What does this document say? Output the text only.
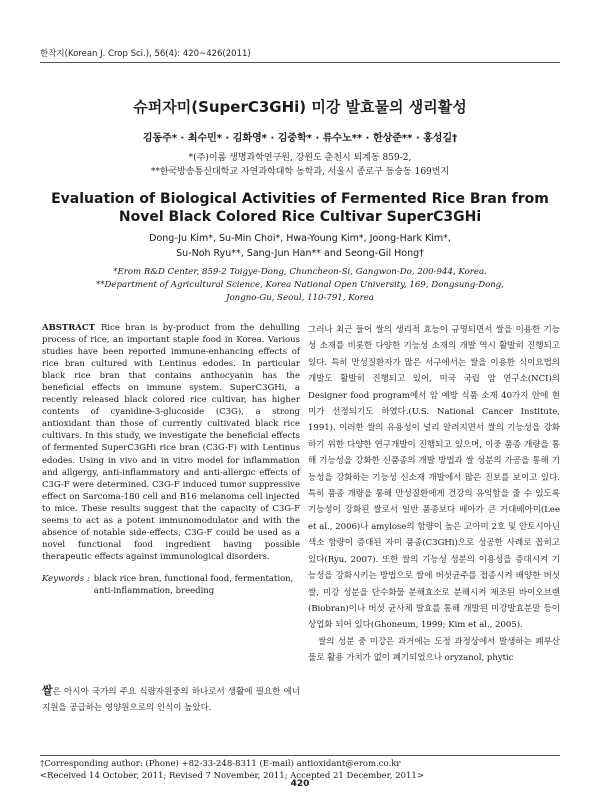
한작지(Korean J. Crop Sci.), 56(4): 420~426(2011)
슈퍼자미(SuperC3GHi) 미강 발효물의 생리활성
김동주* · 최수민* · 김화영* · 김중학* · 류수노** · 한상준** · 홍성길†
*(주)이롬 생명과학연구원, 강원도 춘천시 퇴계동 859-2,
**한국방송통신대학교 자연과학대학 농학과, 서울시 종로구 동숭동 169번지
Evaluation of Biological Activities of Fermented Rice Bran from
Novel Black Colored Rice Cultivar SuperC3GHi
Dong-Ju Kim*, Su-Min Choi*, Hwa-Young Kim*, Joong-Hark Kim*,
Su-Noh Ryu**, Sang-Jun Han** and Seong-Gil Hong†
*Erom R&D Center, 859-2 Toigye-Dong, Chuncheon-Si, Gangwon-Do, 200-944, Korea.
**Department of Agricultural Science, Korea National Open University, 169, Dongsung-Dong,
Jongno-Gu, Seoul, 110-791, Korea

ABSTRACT Rice bran is by-product from the dehulling process of rice, an important staple food in Korea. Various studies have been reported immune-enhancing effects of rice bran cultured with Lentinus edodes. In particular black rice bran that contains anthocyanin has the beneficial effects on immune system. SuperC3GHi, a recently released black colored rice cultivar, has higher contents of cyanidine-3-glucoside (C3G), a strong antioxidant than those of currently cultivated black rice cultivars. In this study, we investigate the beneficial effects of fermented SuperC3GHi rice bran (C3G-F) with Lentinus edodes. Using in vivo and in vitro model for inflammation and allgergy, anti-inflammatory and anti-allergic effects of C3G-F were determined. C3G-F induced tumor suppressive effect on Sarcoma-180 cell and B16 melanoma cell injected to mice. These results suggest that the capacity of C3G-F seems to act as a potent immunomodulator and with the absence of notable side-effects, C3G-F could be used as a novel functional food ingredient having possible therapeutic effects against immunological disorders.

Keywords : black rice bran, functional food, fermentation, anti-inflammation, breeding
쌀은 아시아 국가의 주요 식량자원중의 하나로서 생활에 필요한 에너지원을 공급하는 영양원으로의 인식이 높았다.

그러나 최근 들어 쌀의 생리적 효능이 규명되면서 쌀을 이용한 기능성 소재를 비롯한 다양한 기능성 소재의 개발 역시 활발히 진행되고 있다. 특히 만성질환자가 많은 서구에서는 쌀을 이용한 식이요법의 개발도 활발히 진행되고 있어, 미국 국립 암 연구소(NCI)의 Designer food program에서 암 예방 식품 소재 40가지 안에 현미가 선정되기도 하였다.(U.S. National Cancer Institute, 1991). 이러한 쌀의 유용성이 널리 알려지면서 쌀의 기능성을 강화하기 위한 다양한 연구개발이 진행되고 있으며, 이중 품종 개량을 통해 기능성을 강화한 신품종의 개발 방법과 쌀 성분의 가공을 통해 기능성을 강화하는 기능성 신소재 개발에서 많은 진보를 보이고 있다. 특히 품종 개량을 통해 만성질환에게 건강의 유익함을 줄 수 있도록 기능성이 강화된 쌀로서 일반 품종보다 배아가 큰 거대배아미(Lee et al., 2006)나 amylose의 함량이 높은 고아미 2호 및 안토시아닌 색소 함량이 증대된 자미 품종(C3GHi)으로 성공한 사례로 꼽히고 있다(Ryu, 2007). 또한 쌀의 기능성 성분의 이용성을 증대시켜 기능성을 강화시키는 방법으로 쌀에 버섯균주를 접종시켜 배양한 버섯쌀, 미강 성분을 단수화물 분해효소로 분해시켜 제조된 바이오브랜(Biobran)이나 버섯 균사체 발효를 통해 개발된 미강발효분말 등이 상업화 되어 있다(Ghoneum, 1999; Kim et al., 2005).

쌀의 성분 중 미강은 과거에는 도정 과정상에서 발생하는 폐부산물로 활용 가치가 없이 폐기되었으나 oryzanol, phytic

†Corresponding author: (Phone) +82-33-248-8311 (E-mail) antioxidant@erom.co.kr
<Received 14 October, 2011; Revised 7 November, 2011; Accepted 21 December, 2011>
420
